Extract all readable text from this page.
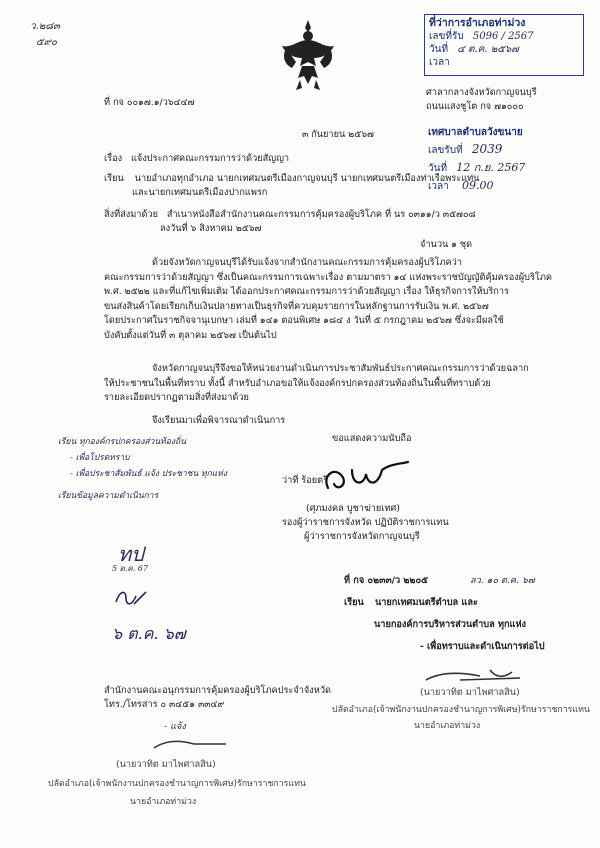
ว.๒๘๓
๕๙๐
ที่ว่าการอำเภอท่าม่วง
เลขที่รับ 5096 / 2567
วันที่ ๔ ต.ค. ๒๕๖๗
เวลา
ที่ กจ ๐๐๑๗.๑/ว๖๔๔๗
ศาลากลางจังหวัดกาญจนบุรี
ถนนแสงชูโต กจ ๗๑๐๐๐
๓ กันยายน ๒๕๖๗	เทศบาลตำบลวังขนาย
เลขรับที่ 2039
วันที่ 12 ก.ย. 2567
เวลา 09.00
เรื่อง แจ้งประกาศคณะกรรมการว่าด้วยสัญญา
เรียน นายอำเภอทุกอำเภอ นายกเทศมนตรีเมืองกาญจนบุรี นายกเทศมนตรีเมืองท่าเรือพระแท่น
และนายกเทศมนตรีเมืองปากแพรก
สิ่งที่ส่งมาด้วย สำเนาหนังสือสำนักงานคณะกรรมการคุ้มครองผู้บริโภค ที่ นร ๐๓๑๑/ว ๓๕๗๐๘
ลงวันที่ ๖ สิงหาคม ๒๕๖๗
จำนวน ๑ ชุด
ด้วยจังหวัดกาญจนบุรีได้รับแจ้งจากสำนักงานคณะกรรมการคุ้มครองผู้บริโภคว่า
คณะกรรมการว่าด้วยสัญญา ซึ่งเป็นคณะกรรมการเฉพาะเรื่อง ตามมาตรา ๑๔ แห่งพระราชบัญญัติคุ้มครองผู้บริโภค
พ.ศ. ๒๕๒๒ และที่แก้ไขเพิ่มเติม ได้ออกประกาศคณะกรรมการว่าด้วยสัญญา เรื่อง ให้ธุรกิจการให้บริการ
ขนส่งสินค้าโดยเรียกเก็บเงินปลายทางเป็นธุรกิจที่ควบคุมรายการในหลักฐานการรับเงิน พ.ศ. ๒๕๖๗
โดยประกาศในราชกิจจานุเบกษา เล่มที่ ๑๔๑ ตอนพิเศษ ๑๘๔ ง วันที่ ๕ กรกฎาคม ๒๕๖๗ ซึ่งจะมีผลใช้
บังคับตั้งแต่วันที่ ๓ ตุลาคม ๒๕๖๗ เป็นต้นไป
จังหวัดกาญจนบุรีจึงขอให้หน่วยงานดำเนินการประชาสัมพันธ์ประกาศคณะกรรมการว่าด้วยฉลาก
ให้ประชาชนในพื้นที่ทราบ ทั้งนี้ สำหรับอำเภอขอให้แจ้งองค์กรปกครองส่วนท้องถิ่นในพื้นที่ทราบด้วย
รายละเอียดปรากฏตามสิ่งที่ส่งมาด้วย
จึงเรียนมาเพื่อพิจารณาดำเนินการ
เรียน ทุกองค์กรปกครองส่วนท้องถิ่น
- เพื่อโปรดทราบ
- เพื่อประชาสัมพันธ์ แจ้ง ประชาชน ทุกแห่ง
เรียนข้อมูลความดำเนินการ
ทป
5 ต.ค. 67
๖ ต.ค. ๖๗
ขอแสดงความนับถือ
ว่าที่ ร้อยตรี
(ศุภมงคล บูชาฆ่ายเทศ)
รองผู้ว่าราชการจังหวัด ปฏิบัติราชการแทน
ผู้ว่าราชการจังหวัดกาญจนบุรี
ที่ กจ ๐๒๓๓/ว ๒๒๐๕	ลว. ๑๐ ต.ค. ๖๗
เรียน นายกเทศมนตรีตำบล และ
นายกองค์การบริหารส่วนตำบล ทุกแห่ง
- เพื่อทราบและดำเนินการต่อไป
(นายวาทิต มาไพศาลสิน)
ปลัดอำเภอ(เจ้าพนักงานปกครองชำนาญการพิเศษ)รักษาราชการแทน
นายอำเภอท่าม่วง
สำนักงานคณะอนุกรรมการคุ้มครองผู้บริโภคประจำจังหวัด
โทร./โทรสาร ๐ ๓๔๕๑ ๓๓๔๙
- แจ้ง
(นายวาทิต มาไพศาลสิน)
ปลัดอำเภอ(เจ้าพนักงานปกครองชำนาญการพิเศษ)รักษาราชการแทน
นายอำเภอท่าม่วง
